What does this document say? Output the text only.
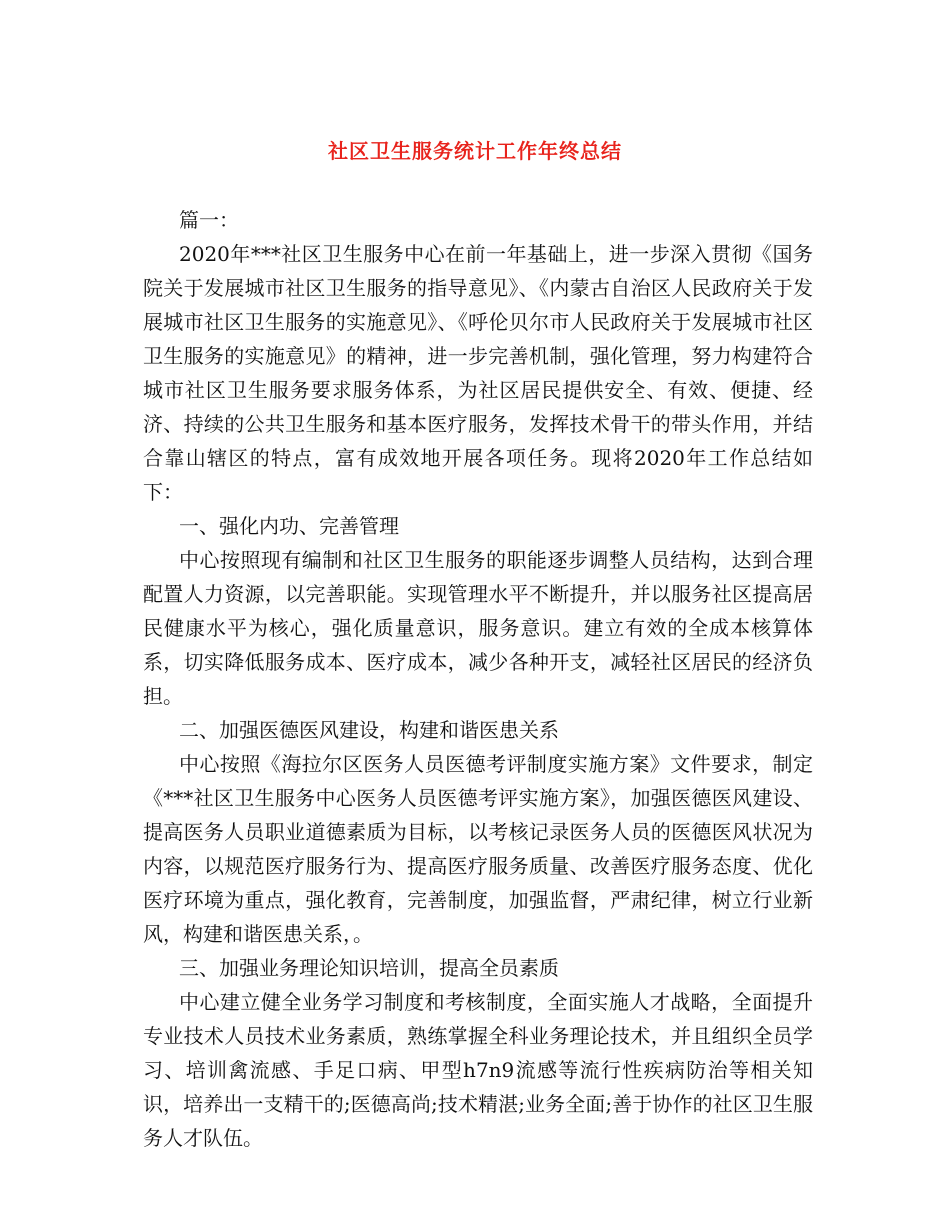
社区卫生服务统计工作年终总结

篇一：

2020年***社区卫生服务中心在前一年基础上，进一步深入贯彻《国务院关于发展城市社区卫生服务的指导意见》、《内蒙古自治区人民政府关于发展城市社区卫生服务的实施意见》、《呼伦贝尔市人民政府关于发展城市社区卫生服务的实施意见》的精神，进一步完善机制，强化管理，努力构建符合城市社区卫生服务要求服务体系，为社区居民提供安全、有效、便捷、经济、持续的公共卫生服务和基本医疗服务，发挥技术骨干的带头作用，并结合靠山辖区的特点，富有成效地开展各项任务。现将2020年工作总结如下：

一、强化内功、完善管理

中心按照现有编制和社区卫生服务的职能逐步调整人员结构，达到合理配置人力资源，以完善职能。实现管理水平不断提升，并以服务社区提高居民健康水平为核心，强化质量意识，服务意识。建立有效的全成本核算体系，切实降低服务成本、医疗成本，减少各种开支，减轻社区居民的经济负担。

二、加强医德医风建设，构建和谐医患关系

中心按照《海拉尔区医务人员医德考评制度实施方案》文件要求，制定《***社区卫生服务中心医务人员医德考评实施方案》，加强医德医风建设、提高医务人员职业道德素质为目标，以考核记录医务人员的医德医风状况为内容，以规范医疗服务行为、提高医疗服务质量、改善医疗服务态度、优化医疗环境为重点，强化教育，完善制度，加强监督，严肃纪律，树立行业新风，构建和谐医患关系，。

三、加强业务理论知识培训，提高全员素质

中心建立健全业务学习制度和考核制度，全面实施人才战略，全面提升专业技术人员技术业务素质，熟练掌握全科业务理论技术，并且组织全员学习、培训禽流感、手足口病、甲型h7n9流感等流行性疾病防治等相关知识，培养出一支精干的;医德高尚;技术精湛;业务全面;善于协作的社区卫生服务人才队伍。
